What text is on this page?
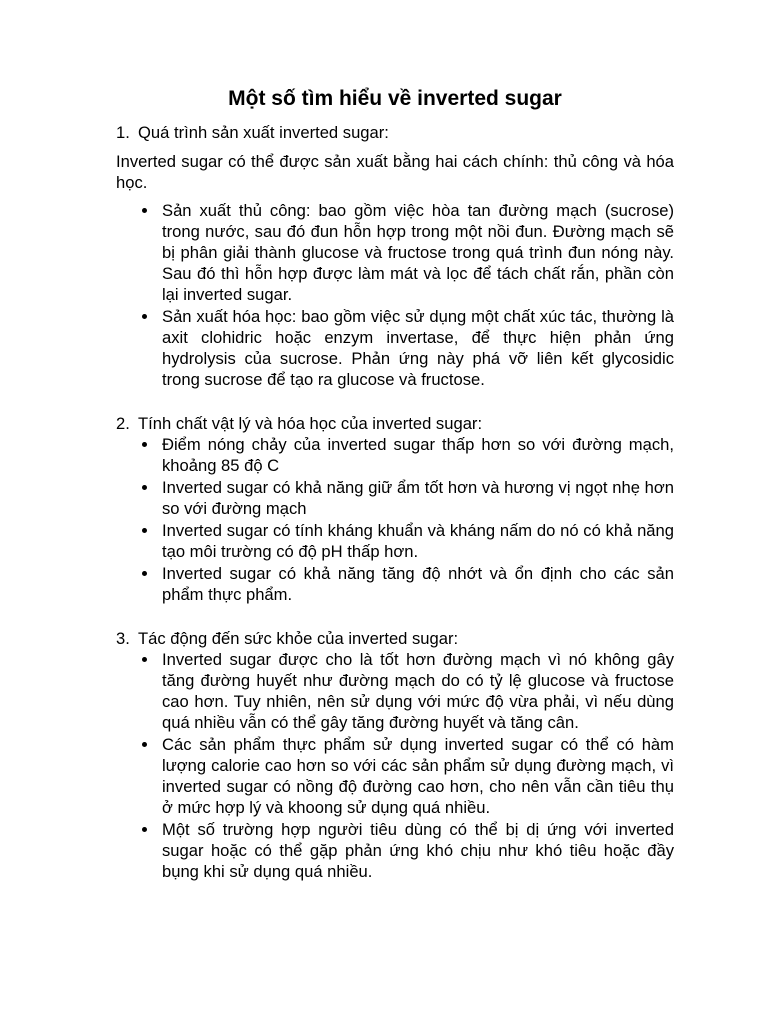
Một số tìm hiểu về inverted sugar
1. Quá trình sản xuất inverted sugar:

Inverted sugar có thể được sản xuất bằng hai cách chính: thủ công và hóa học.

Sản xuất thủ công: bao gồm việc hòa tan đường mạch (sucrose) trong nước, sau đó đun hỗn hợp trong một nồi đun. Đường mạch sẽ bị phân giải thành glucose và fructose trong quá trình đun nóng này. Sau đó thì hỗn hợp được làm mát và lọc để tách chất rắn, phần còn lại inverted sugar.
Sản xuất hóa học: bao gồm việc sử dụng một chất xúc tác, thường là axit clohidric hoặc enzym invertase, để thực hiện phản ứng hydrolysis của sucrose. Phản ứng này phá vỡ liên kết glycosidic trong sucrose để tạo ra glucose và fructose.
2. Tính chất vật lý và hóa học của inverted sugar:
Điểm nóng chảy của inverted sugar thấp hơn so với đường mạch, khoảng 85 độ C
Inverted sugar có khả năng giữ ẩm tốt hơn và hương vị ngọt nhẹ hơn so với đường mạch
Inverted sugar có tính kháng khuẩn và kháng nấm do nó có khả năng tạo môi trường có độ pH thấp hơn.
Inverted sugar có khả năng tăng độ nhớt và ổn định cho các sản phẩm thực phẩm.
3. Tác động đến sức khỏe của inverted sugar:
Inverted sugar được cho là tốt hơn đường mạch vì nó không gây tăng đường huyết như đường mạch do có tỷ lệ glucose và fructose cao hơn. Tuy nhiên, nên sử dụng với mức độ vừa phải, vì nếu dùng quá nhiều vẫn có thể gây tăng đường huyết và tăng cân.
Các sản phẩm thực phẩm sử dụng inverted sugar có thể có hàm lượng calorie cao hơn so với các sản phẩm sử dụng đường mạch, vì inverted sugar có nồng độ đường cao hơn, cho nên vẫn cần tiêu thụ ở mức hợp lý và khoong sử dụng quá nhiều.
Một số trường hợp người tiêu dùng có thể bị dị ứng với inverted sugar hoặc có thể gặp phản ứng khó chịu như khó tiêu hoặc đầy bụng khi sử dụng quá nhiều.
